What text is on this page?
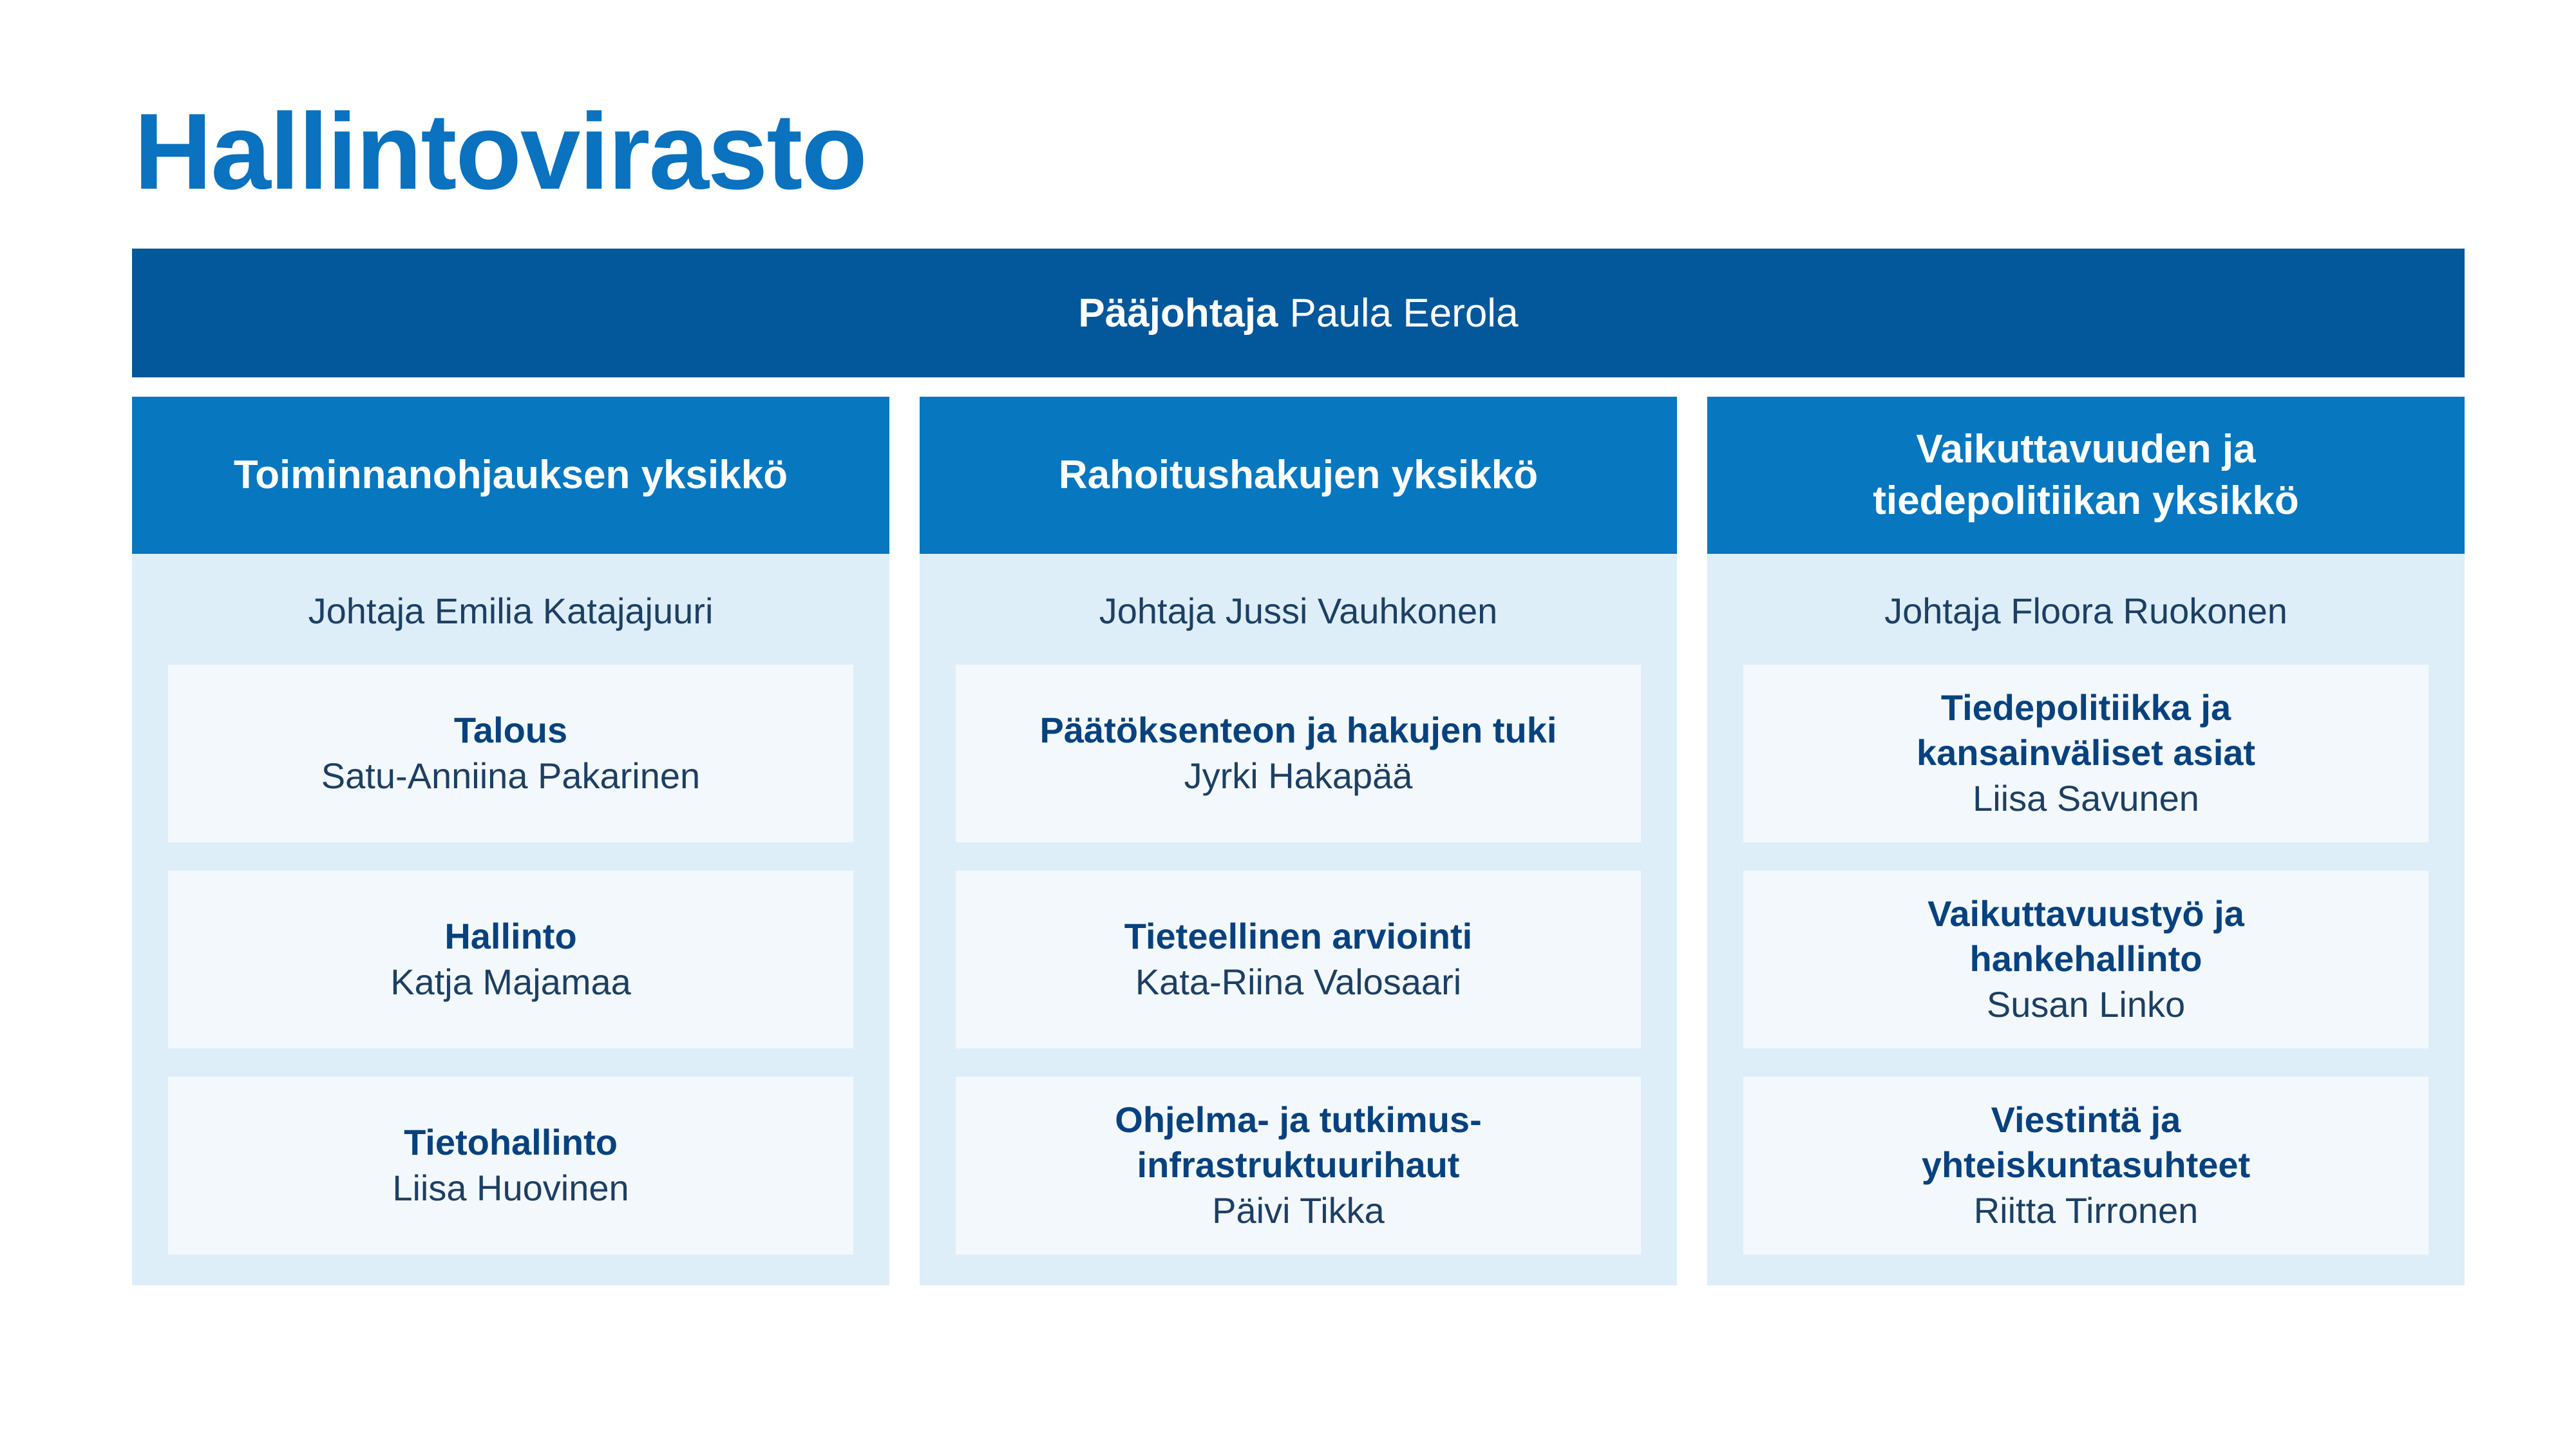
Hallintovirasto
Pääjohtaja Paula Eerola
Toiminnanohjauksen yksikkö
Johtaja Emilia Katajajuuri
Talous
Satu-Anniina Pakarinen
Hallinto
Katja Majamaa
Tietohallinto
Liisa Huovinen
Rahoitushakujen yksikkö
Johtaja Jussi Vauhkonen
Päätöksenteon ja hakujen tuki
Jyrki Hakapää
Tieteellinen arviointi
Kata-Riina Valosaari
Ohjelma- ja tutkimus-infrastruktuurihaut
Päivi Tikka
Vaikuttavuuden ja tiedepolitiikan yksikkö
Johtaja Floora Ruokonen
Tiedepolitiikka ja kansainväliset asiat
Liisa Savunen
Vaikuttavuustyö ja hankehallinto
Susan Linko
Viestintä ja yhteiskuntasuhteet
Riitta Tirronen
